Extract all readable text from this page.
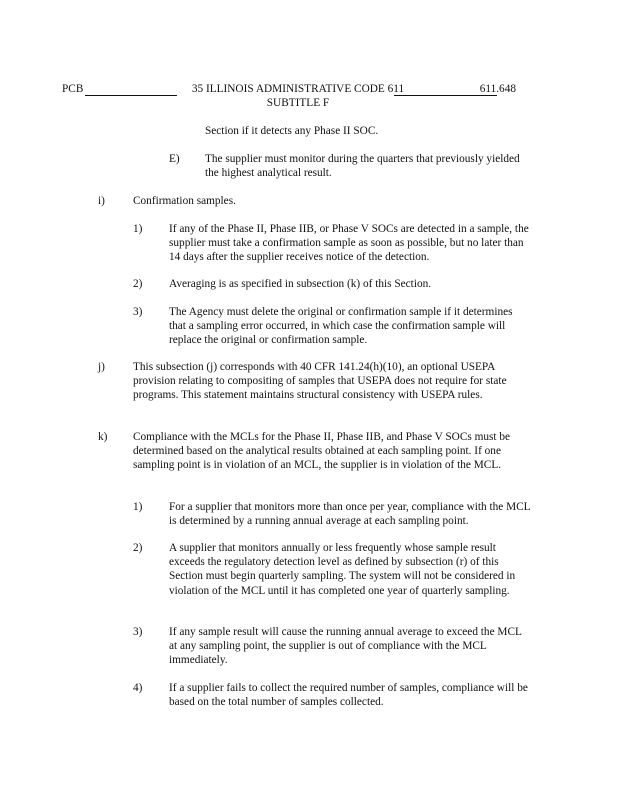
PCB	35 ILLINOIS ADMINISTRATIVE CODE 611
SUBTITLE F
611.648
Section if it detects any Phase II SOC.
E) The supplier must monitor during the quarters that previously yielded the highest analytical result.
i) Confirmation samples.
1) If any of the Phase II, Phase IIB, or Phase V SOCs are detected in a sample, the supplier must take a confirmation sample as soon as possible, but no later than 14 days after the supplier receives notice of the detection.
2) Averaging is as specified in subsection (k) of this Section.
3) The Agency must delete the original or confirmation sample if it determines that a sampling error occurred, in which case the confirmation sample will replace the original or confirmation sample.
j) This subsection (j) corresponds with 40 CFR 141.24(h)(10), an optional USEPA provision relating to compositing of samples that USEPA does not require for state programs. This statement maintains structural consistency with USEPA rules.
k) Compliance with the MCLs for the Phase II, Phase IIB, and Phase V SOCs must be determined based on the analytical results obtained at each sampling point. If one sampling point is in violation of an MCL, the supplier is in violation of the MCL.
1) For a supplier that monitors more than once per year, compliance with the MCL is determined by a running annual average at each sampling point.
2) A supplier that monitors annually or less frequently whose sample result exceeds the regulatory detection level as defined by subsection (r) of this Section must begin quarterly sampling. The system will not be considered in violation of the MCL until it has completed one year of quarterly sampling.
3) If any sample result will cause the running annual average to exceed the MCL at any sampling point, the supplier is out of compliance with the MCL immediately.
4) If a supplier fails to collect the required number of samples, compliance will be based on the total number of samples collected.
